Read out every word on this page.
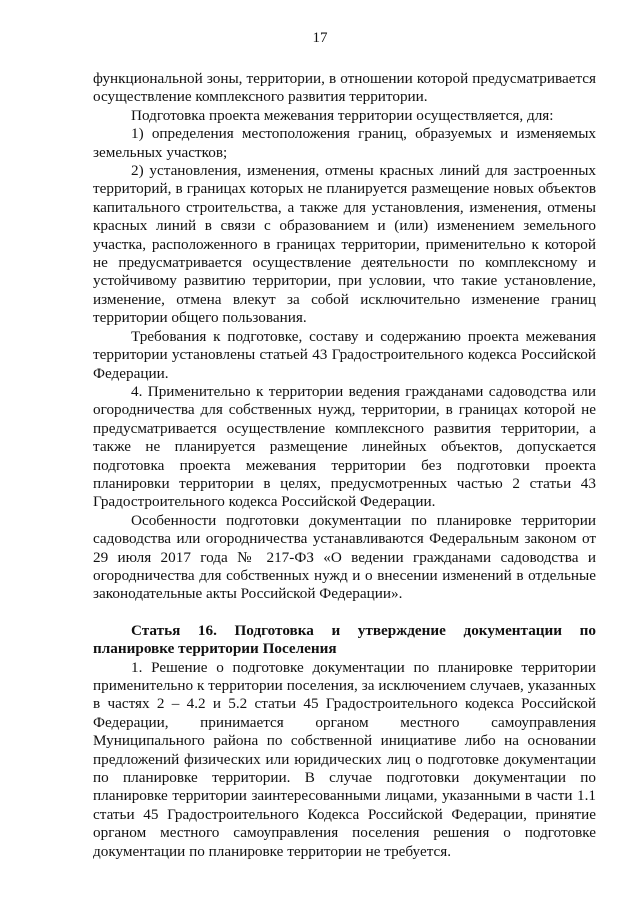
17

функциональной зоны, территории, в отношении которой предусматривается осуществление комплексного развития территории.

Подготовка проекта межевания территории осуществляется, для:

1) определения местоположения границ, образуемых и изменяемых земельных участков;

2) установления, изменения, отмены красных линий для застроенных территорий, в границах которых не планируется размещение новых объектов капитального строительства, а также для установления, изменения, отмены красных линий в связи с образованием и (или) изменением земельного участка, расположенного в границах территории, применительно к которой не предусматривается осуществление деятельности по комплексному и устойчивому развитию территории, при условии, что такие установление, изменение, отмена влекут за собой исключительно изменение границ территории общего пользования.

Требования к подготовке, составу и содержанию проекта межевания территории установлены статьей 43 Градостроительного кодекса Российской Федерации.

4. Применительно к территории ведения гражданами садоводства или огородничества для собственных нужд, территории, в границах которой не предусматривается осуществление комплексного развития территории, а также не планируется размещение линейных объектов, допускается подготовка проекта межевания территории без подготовки проекта планировки территории в целях, предусмотренных частью 2 статьи 43 Градостроительного кодекса Российской Федерации.

Особенности подготовки документации по планировке территории садоводства или огородничества устанавливаются Федеральным законом от 29 июля 2017 года № 217-ФЗ «О ведении гражданами садоводства и огородничества для собственных нужд и о внесении изменений в отдельные законодательные акты Российской Федерации».

Статья 16. Подготовка и утверждение документации по планировке территории Поселения

1. Решение о подготовке документации по планировке территории применительно к территории поселения, за исключением случаев, указанных в частях 2 – 4.2 и 5.2 статьи 45 Градостроительного кодекса Российской Федерации, принимается органом местного самоуправления Муниципального района по собственной инициативе либо на основании предложений физических или юридических лиц о подготовке документации по планировке территории. В случае подготовки документации по планировке территории заинтересованными лицами, указанными в части 1.1 статьи 45 Градостроительного Кодекса Российской Федерации, принятие органом местного самоуправления поселения решения о подготовке документации по планировке территории не требуется.
